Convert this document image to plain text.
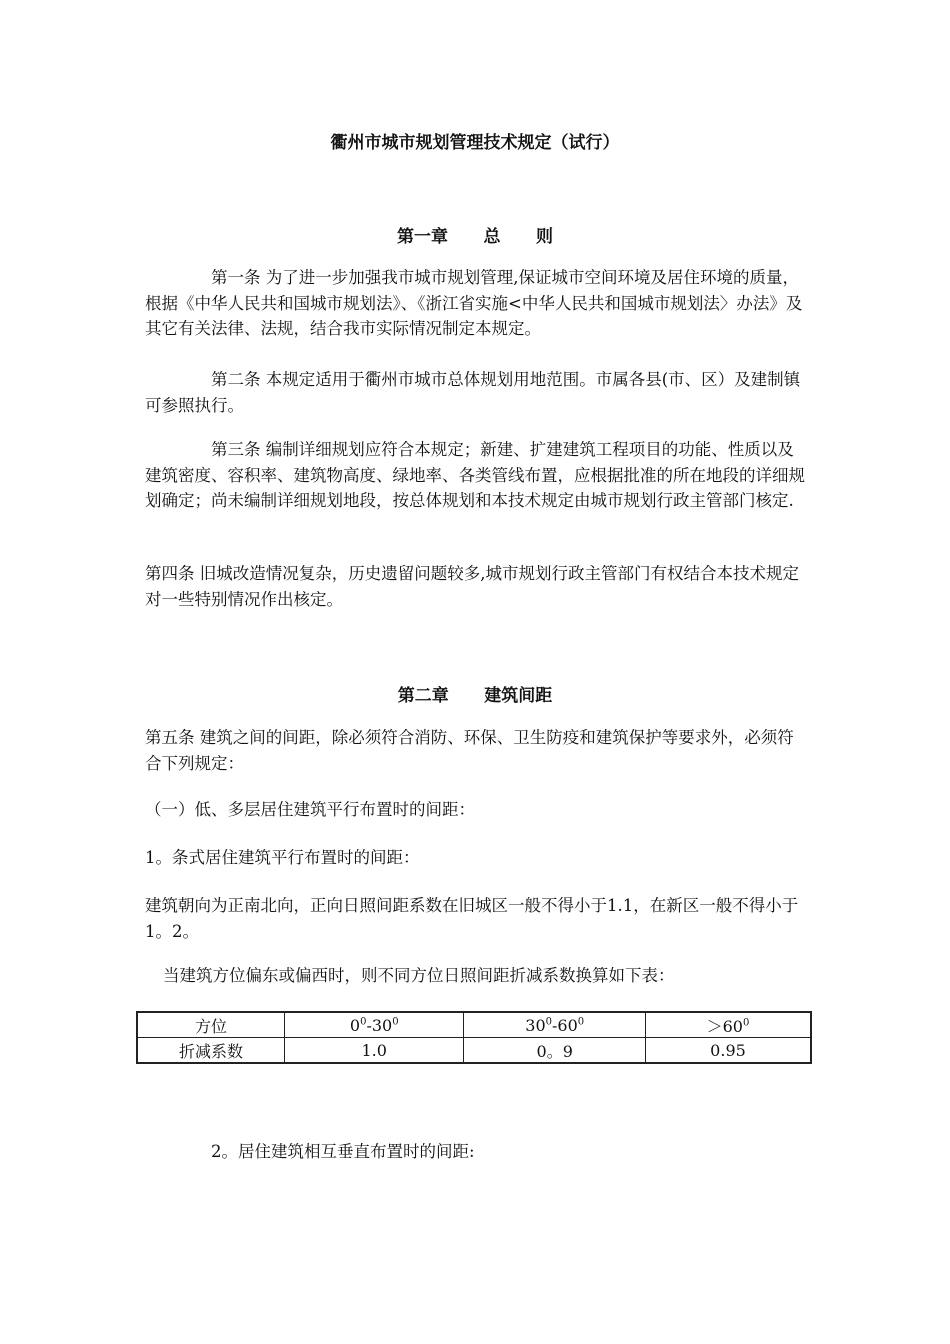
衢州市城市规划管理技术规定（试行）
第一章      总      则

第一条 为了进一步加强我市城市规划管理,保证城市空间环境及居住环境的质量，根据《中华人民共和国城市规划法》、《浙江省实施<中华人民共和国城市规划法〉办法》及其它有关法律、法规，结合我市实际情况制定本规定。

第二条 本规定适用于衢州市城市总体规划用地范围。市属各县(市、区）及建制镇可参照执行。

第三条 编制详细规划应符合本规定；新建、扩建建筑工程项目的功能、性质以及建筑密度、容积率、建筑物高度、绿地率、各类管线布置，应根据批准的所在地段的详细规划确定；尚未编制详细规划地段，按总体规划和本技术规定由城市规划行政主管部门核定.

第四条 旧城改造情况复杂，历史遗留问题较多,城市规划行政主管部门有权结合本技术规定对一些特别情况作出核定。

第二章      建筑间距

第五条 建筑之间的间距，除必须符合消防、环保、卫生防疫和建筑保护等要求外，必须符合下列规定：

（一）低、多层居住建筑平行布置时的间距：

1。条式居住建筑平行布置时的间距：

建筑朝向为正南北向，正向日照间距系数在旧城区一般不得小于1.1，在新区一般不得小于1。2。

当建筑方位偏东或偏西时，则不同方位日照间距折减系数换算如下表：

方位	$0^0-30^0$	$30^0-60^0$	$>60^0$
折减系数	1.0	0。9	0.95

2。居住建筑相互垂直布置时的间距:
